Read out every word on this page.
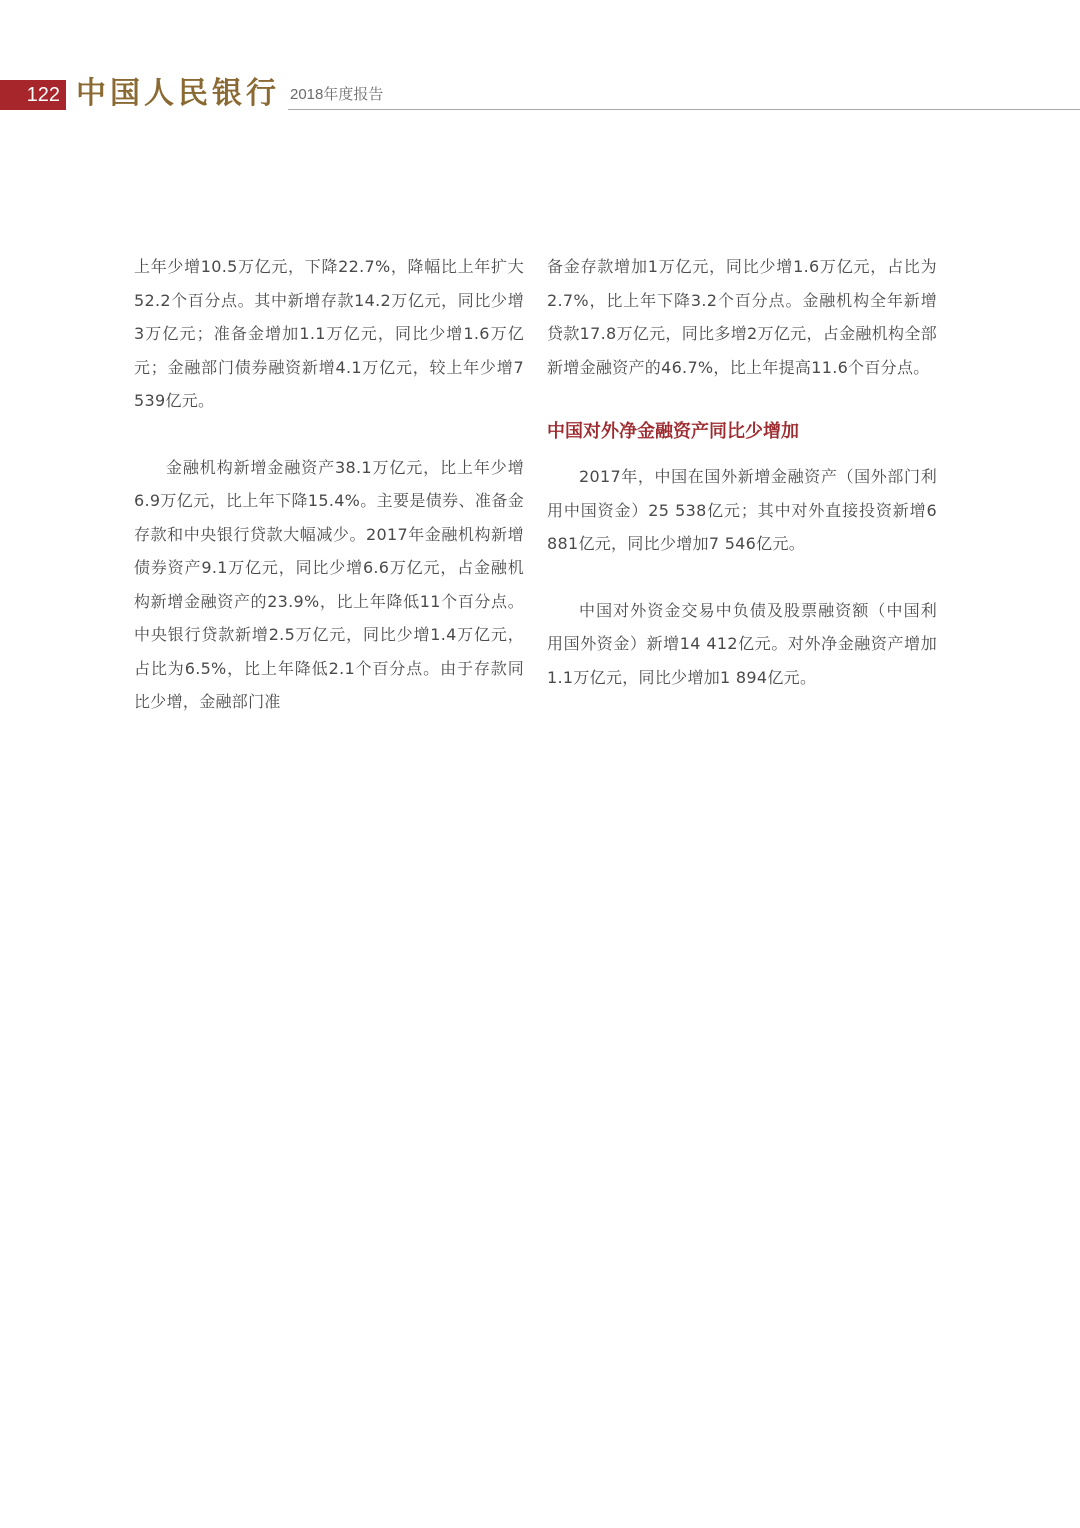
122 中国人民银行 2018年度报告

上年少增10.5万亿元，下降22.7%，降幅比上年扩大52.2个百分点。其中新增存款14.2万亿元，同比少增3万亿元；准备金增加1.1万亿元，同比少增1.6万亿元；金融部门债券融资新增4.1万亿元，较上年少增7 539亿元。

金融机构新增金融资产38.1万亿元，比上年少增6.9万亿元，比上年下降15.4%。主要是债券、准备金存款和中央银行贷款大幅减少。2017年金融机构新增债券资产9.1万亿元，同比少增6.6万亿元，占金融机构新增金融资产的23.9%，比上年降低11个百分点。中央银行贷款新增2.5万亿元，同比少增1.4万亿元，占比为6.5%，比上年降低2.1个百分点。由于存款同比少增，金融部门准

备金存款增加1万亿元，同比少增1.6万亿元，占比为2.7%，比上年下降3.2个百分点。金融机构全年新增贷款17.8万亿元，同比多增2万亿元，占金融机构全部新增金融资产的46.7%，比上年提高11.6个百分点。

中国对外净金融资产同比少增加

2017年，中国在国外新增金融资产（国外部门利用中国资金）25 538亿元；其中对外直接投资新增6 881亿元，同比少增加7 546亿元。

中国对外资金交易中负债及股票融资额（中国利用国外资金）新增14 412亿元。对外净金融资产增加1.1万亿元，同比少增加1 894亿元。
